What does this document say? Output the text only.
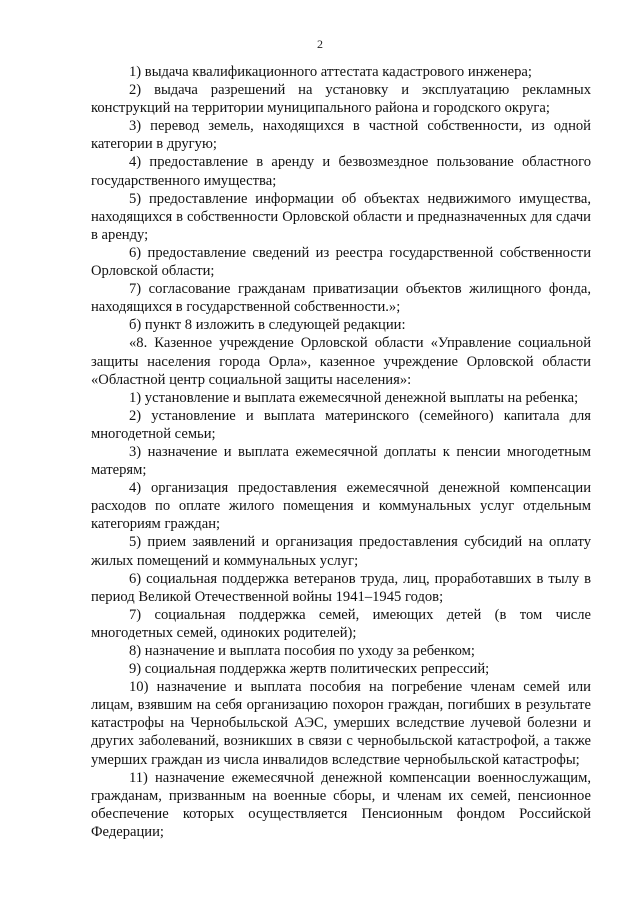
2

1) выдача квалификационного аттестата кадастрового инженера;

2) выдача разрешений на установку и эксплуатацию рекламных конструкций на территории муниципального района и городского округа;

3) перевод земель, находящихся в частной собственности, из одной категории в другую;

4) предоставление в аренду и безвозмездное пользование областного государственного имущества;

5) предоставление информации об объектах недвижимого имущества, находящихся в собственности Орловской области и предназначенных для сдачи в аренду;

6) предоставление сведений из реестра государственной собственности Орловской области;

7) согласование гражданам приватизации объектов жилищного фонда, находящихся в государственной собственности.»;

б) пункт 8 изложить в следующей редакции:

«8. Казенное учреждение Орловской области «Управление социальной защиты населения города Орла», казенное учреждение Орловской области «Областной центр социальной защиты населения»:

1) установление и выплата ежемесячной денежной выплаты на ребенка;

2) установление и выплата материнского (семейного) капитала для многодетной семьи;

3) назначение и выплата ежемесячной доплаты к пенсии многодетным матерям;

4) организация предоставления ежемесячной денежной компенсации расходов по оплате жилого помещения и коммунальных услуг отдельным категориям граждан;

5) прием заявлений и организация предоставления субсидий на оплату жилых помещений и коммунальных услуг;

6) социальная поддержка ветеранов труда, лиц, проработавших в тылу в период Великой Отечественной войны 1941–1945 годов;

7) социальная поддержка семей, имеющих детей (в том числе многодетных семей, одиноких родителей);

8) назначение и выплата пособия по уходу за ребенком;

9) социальная поддержка жертв политических репрессий;

10) назначение и выплата пособия на погребение членам семей или лицам, взявшим на себя организацию похорон граждан, погибших в результате катастрофы на Чернобыльской АЭС, умерших вследствие лучевой болезни и других заболеваний, возникших в связи с чернобыльской катастрофой, а также умерших граждан из числа инвалидов вследствие чернобыльской катастрофы;

11) назначение ежемесячной денежной компенсации военнослужащим, гражданам, призванным на военные сборы, и членам их семей, пенсионное обеспечение которых осуществляется Пенсионным фондом Российской Федерации;
